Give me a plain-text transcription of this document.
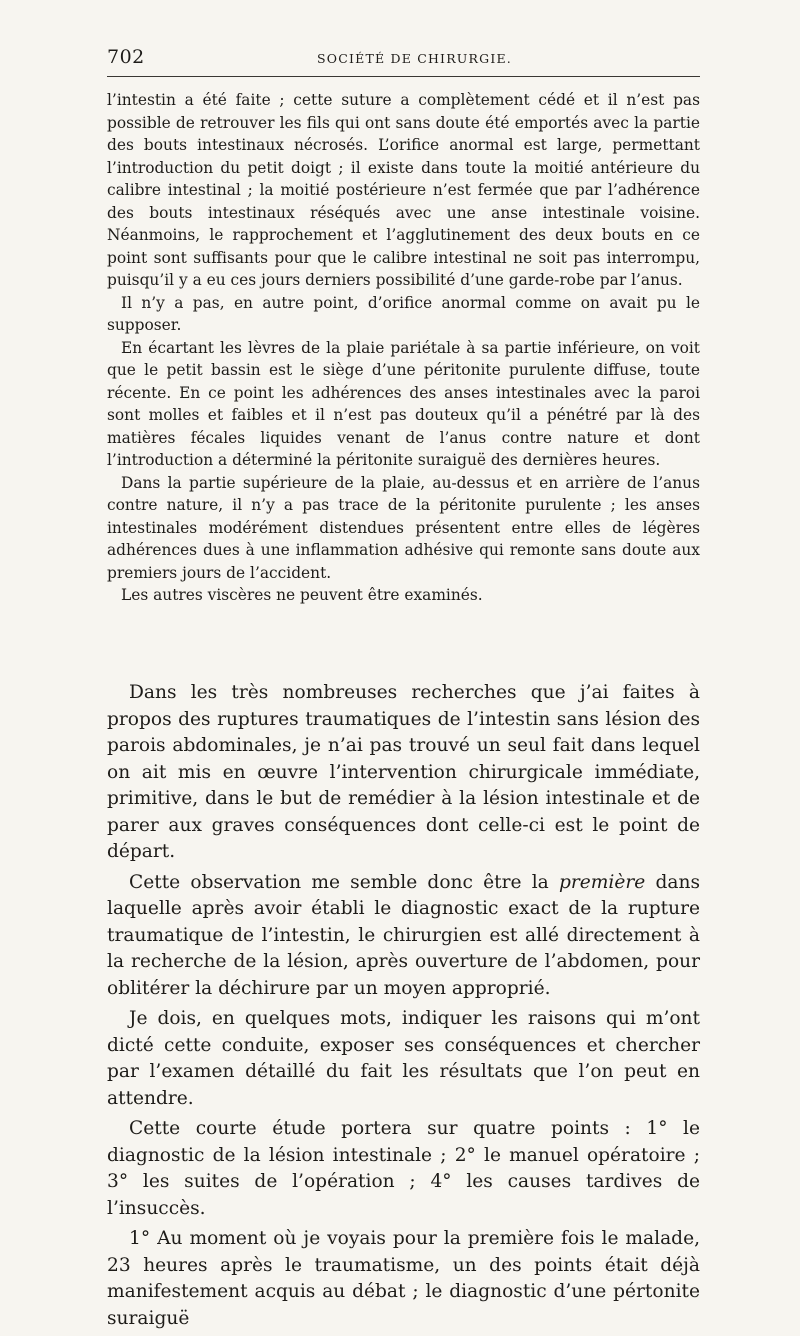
702	SOCIÉTÉ DE CHIRURGIE.

l’intestin a été faite ; cette suture a complètement cédé et il n’est pas possible de retrouver les fils qui ont sans doute été emportés avec la partie des bouts intestinaux nécrosés. L’orifice anormal est large, permettant l’introduction du petit doigt ; il existe dans toute la moitié antérieure du calibre intestinal ; la moitié postérieure n’est fermée que par l’adhérence des bouts intestinaux réséqués avec une anse intestinale voisine. Néanmoins, le rapprochement et l’agglutinement des deux bouts en ce point sont suffisants pour que le calibre intestinal ne soit pas interrompu, puisqu’il y a eu ces jours derniers possibilité d’une garde-robe par l’anus.

Il n’y a pas, en autre point, d’orifice anormal comme on avait pu le supposer.

En écartant les lèvres de la plaie pariétale à sa partie inférieure, on voit que le petit bassin est le siège d’une péritonite purulente diffuse, toute récente. En ce point les adhérences des anses intestinales avec la paroi sont molles et faibles et il n’est pas douteux qu’il a pénétré par là des matières fécales liquides venant de l’anus contre nature et dont l’introduction a déterminé la péritonite suraiguë des dernières heures.

Dans la partie supérieure de la plaie, au-dessus et en arrière de l’anus contre nature, il n’y a pas trace de la péritonite purulente ; les anses intestinales modérément distendues présentent entre elles de légères adhérences dues à une inflammation adhésive qui remonte sans doute aux premiers jours de l’accident.

Les autres viscères ne peuvent être examinés.

Dans les très nombreuses recherches que j’ai faites à propos des ruptures traumatiques de l’intestin sans lésion des parois abdominales, je n’ai pas trouvé un seul fait dans lequel on ait mis en œuvre l’intervention chirurgicale immédiate, primitive, dans le but de remédier à la lésion intestinale et de parer aux graves conséquences dont celle-ci est le point de départ.

Cette observation me semble donc être la première dans laquelle après avoir établi le diagnostic exact de la rupture traumatique de l’intestin, le chirurgien est allé directement à la recherche de la lésion, après ouverture de l’abdomen, pour oblitérer la déchirure par un moyen approprié.

Je dois, en quelques mots, indiquer les raisons qui m’ont dicté cette conduite, exposer ses conséquences et chercher par l’examen détaillé du fait les résultats que l’on peut en attendre.

Cette courte étude portera sur quatre points : 1° le diagnostic de la lésion intestinale ; 2° le manuel opératoire ; 3° les suites de l’opération ; 4° les causes tardives de l’insuccès.

1° Au moment où je voyais pour la première fois le malade, 23 heures après le traumatisme, un des points était déjà manifestement acquis au débat ; le diagnostic d’une pértonite suraiguë
